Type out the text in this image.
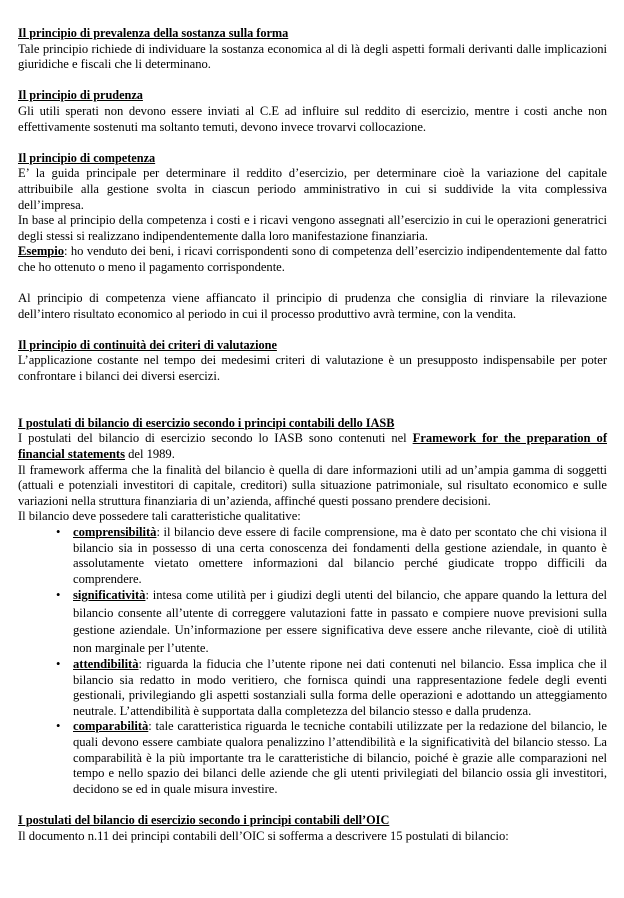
Il principio di prevalenza della sostanza sulla forma

Tale principio richiede di individuare la sostanza economica al di là degli aspetti formali derivanti dalle implicazioni giuridiche e fiscali che li determinano.

Il principio di prudenza

Gli utili sperati non devono essere inviati al C.E ad influire sul reddito di esercizio, mentre i costi anche non effettivamente sostenuti ma soltanto temuti, devono invece trovarvi collocazione.

Il principio di competenza

E’ la guida principale per determinare il reddito d’esercizio, per determinare cioè la variazione del capitale attribuibile alla gestione svolta in ciascun periodo amministrativo in cui si suddivide la vita complessiva dell’impresa.

In base al principio della competenza i costi e i ricavi vengono assegnati all’esercizio in cui le operazioni generatrici degli stessi si realizzano indipendentemente dalla loro manifestazione finanziaria.

Esempio: ho venduto dei beni, i ricavi corrispondenti sono di competenza dell’esercizio indipendentemente dal fatto che ho ottenuto o meno il pagamento corrispondente.

Al principio di competenza viene affiancato il principio di prudenza che consiglia di rinviare la rilevazione dell’intero risultato economico al periodo in cui il processo produttivo avrà termine, con la vendita.

Il principio di continuità dei criteri di valutazione

L’applicazione costante nel tempo dei medesimi criteri di valutazione è un presupposto indispensabile per poter confrontare i bilanci dei diversi esercizi.

I postulati di bilancio di esercizio secondo i principi contabili dello IASB

I postulati del bilancio di esercizio secondo lo IASB sono contenuti nel Framework for the preparation of financial statements del 1989.

Il framework afferma che la finalità del bilancio è quella di dare informazioni utili ad un’ampia gamma di soggetti (attuali e potenziali investitori di capitale, creditori) sulla situazione patrimoniale, sul risultato economico e sulle variazioni nella struttura finanziaria di un’azienda, affinché questi possano prendere decisioni.

Il bilancio deve possedere tali caratteristiche qualitative:

• comprensibilità: il bilancio deve essere di facile comprensione, ma è dato per scontato che chi visiona il bilancio sia in possesso di una certa conoscenza dei fondamenti della gestione aziendale, in quanto è assolutamente vietato omettere informazioni dal bilancio perché giudicate troppo difficili da comprendere.
• significatività: intesa come utilità per i giudizi degli utenti del bilancio, che appare quando la lettura del bilancio consente all’utente di correggere valutazioni fatte in passato e compiere nuove previsioni sulla gestione aziendale. Un’informazione per essere significativa deve essere anche rilevante, cioè di utilità non marginale per l’utente.
• attendibilità: riguarda la fiducia che l’utente ripone nei dati contenuti nel bilancio. Essa implica che il bilancio sia redatto in modo veritiero, che fornisca quindi una rappresentazione fedele degli eventi gestionali, privilegiando gli aspetti sostanziali sulla forma delle operazioni e adottando un atteggiamento neutrale. L’attendibilità è supportata dalla completezza del bilancio stesso e dalla prudenza.
• comparabilità: tale caratteristica riguarda le tecniche contabili utilizzate per la redazione del bilancio, le quali devono essere cambiate qualora penalizzino l’attendibilità e la significatività del bilancio stesso. La comparabilità è la più importante tra le caratteristiche di bilancio, poiché è grazie alle comparazioni nel tempo e nello spazio dei bilanci delle aziende che gli utenti privilegiati del bilancio ossia gli investitori, decidono se ed in quale misura investire.
I postulati del bilancio di esercizio secondo i principi contabili dell’OIC

Il documento n.11 dei principi contabili dell’OIC si sofferma a descrivere 15 postulati di bilancio:
